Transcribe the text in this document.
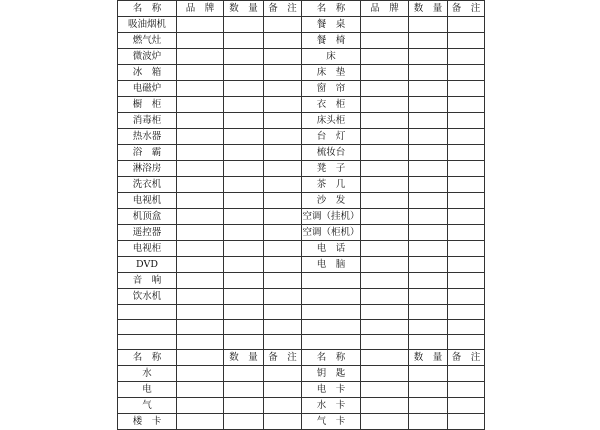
名　称	品　牌	数　量	备　注	名　称	品　牌	数　量	备　注
吸油烟机				餐　桌			
燃气灶				餐　椅			
微波炉				床			
冰　箱				床　垫			
电磁炉				窗　帘			
橱　柜				衣　柜			
消毒柜				床头柜			
热水器				台　灯			
浴　霸				梳妆台			
淋浴房				凳　子			
洗衣机				茶　几			
电视机				沙　发			
机顶盒				空调（挂机）			
遥控器				空调（柜机）			
电视柜				电　话			
DVD				电　脑			
音　响							
饮水机							

名　称		数　量	备　注	名　称		数　量	备　注
水				钥　匙			
电				电　卡			
气				水　卡			
楼　卡				气　卡			
